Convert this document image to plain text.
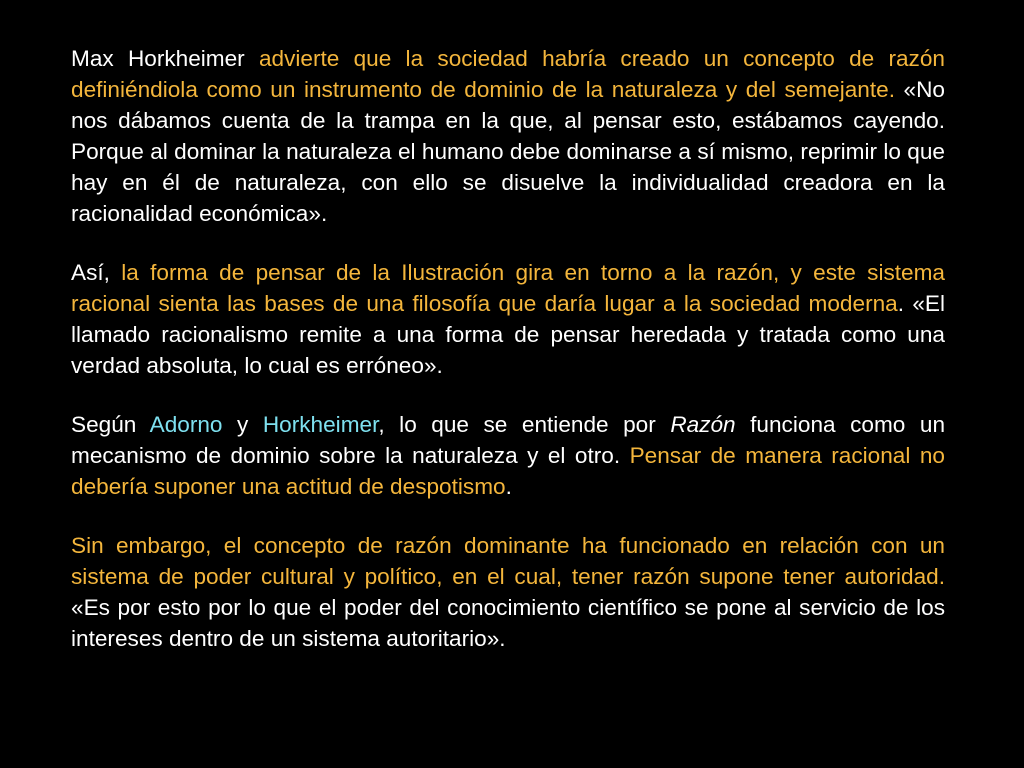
Max Horkheimer advierte que la sociedad habría creado un concepto de razón definiéndiola como un instrumento de dominio de la naturaleza y del semejante. «No nos dábamos cuenta de la trampa en la que, al pensar esto, estábamos cayendo. Porque al dominar la naturaleza el humano debe dominarse a sí mismo, reprimir lo que hay en él de naturaleza, con ello se disuelve la individualidad creadora en la racionalidad económica».

Así, la forma de pensar de la Ilustración gira en torno a la razón, y este sistema racional sienta las bases de una filosofía que daría lugar a la sociedad moderna. «El llamado racionalismo remite a una forma de pensar heredada y tratada como una verdad absoluta, lo cual es erróneo».

Según Adorno y Horkheimer, lo que se entiende por Razón funciona como un mecanismo de dominio sobre la naturaleza y el otro. Pensar de manera racional no debería suponer una actitud de despotismo.

Sin embargo, el concepto de razón dominante ha funcionado en relación con un sistema de poder cultural y político, en el cual, tener razón supone tener autoridad. «Es por esto por lo que el poder del conocimiento científico se pone al servicio de los intereses dentro de un sistema autoritario».
